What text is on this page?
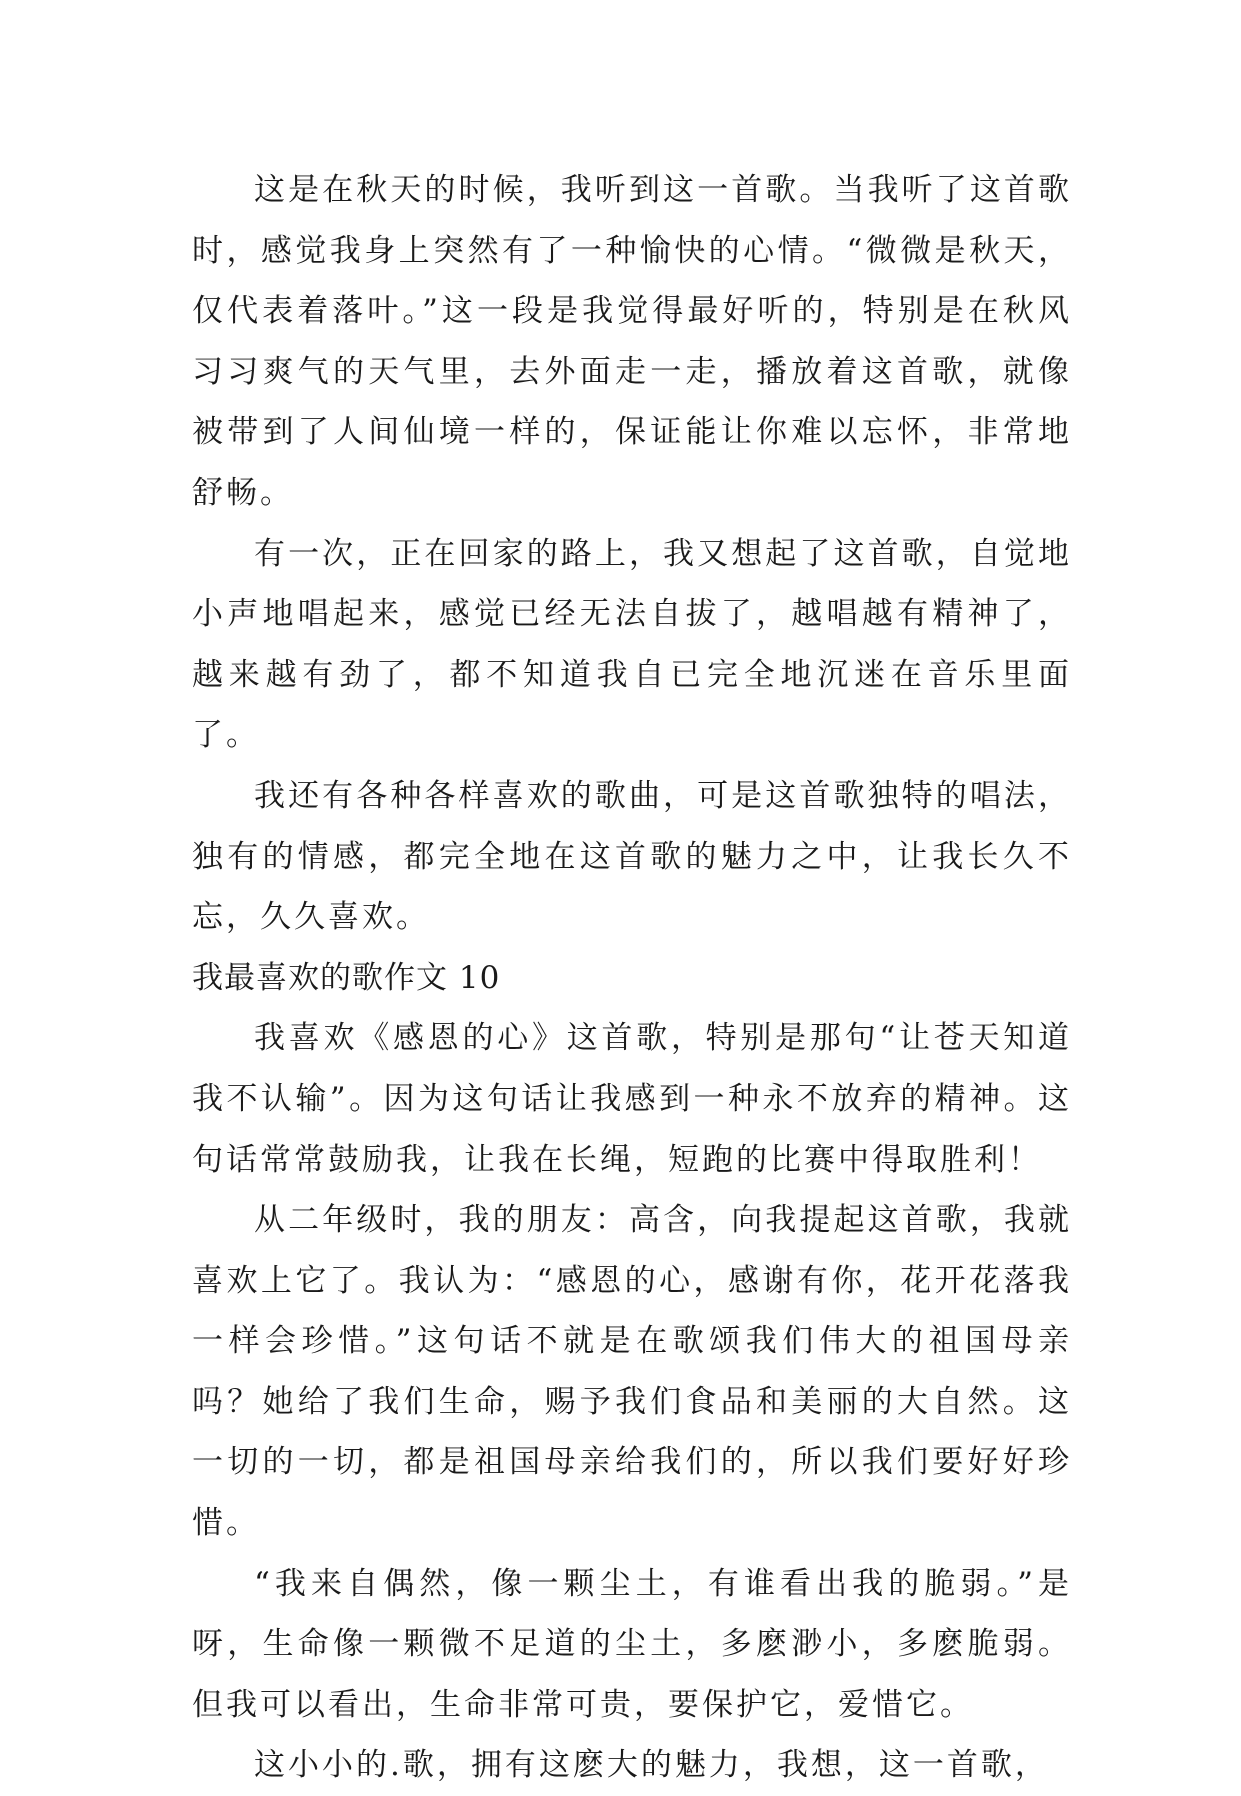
这是在秋天的时候，我听到这一首歌。当我听了这首歌时，感觉我身上突然有了一种愉快的心情。“微微是秋天，仅代表着落叶。”这一段是我觉得最好听的，特别是在秋风习习爽气的天气里，去外面走一走，播放着这首歌，就像被带到了人间仙境一样的，保证能让你难以忘怀，非常地舒畅。

有一次，正在回家的路上，我又想起了这首歌，自觉地小声地唱起来，感觉已经无法自拔了，越唱越有精神了，越来越有劲了，都不知道我自已完全地沉迷在音乐里面了。

我还有各种各样喜欢的歌曲，可是这首歌独特的唱法，独有的情感，都完全地在这首歌的魅力之中，让我长久不忘，久久喜欢。

我最喜欢的歌作文 10

我喜欢《感恩的心》这首歌，特别是那句“让苍天知道我不认输”。因为这句话让我感到一种永不放弃的精神。这句话常常鼓励我，让我在长绳，短跑的比赛中得取胜利！

从二年级时，我的朋友：高含，向我提起这首歌，我就喜欢上它了。我认为：“感恩的心，感谢有你，花开花落我一样会珍惜。”这句话不就是在歌颂我们伟大的祖国母亲吗？她给了我们生命，赐予我们食品和美丽的大自然。这一切的一切，都是祖国母亲给我们的，所以我们要好好珍惜。

“我来自偶然，像一颗尘土，有谁看出我的脆弱。”是呀，生命像一颗微不足道的尘土，多麽渺小，多麽脆弱。但我可以看出，生命非常可贵，要保护它，爱惜它。

这小小的.歌，拥有这麽大的魅力，我想，这一首歌，
